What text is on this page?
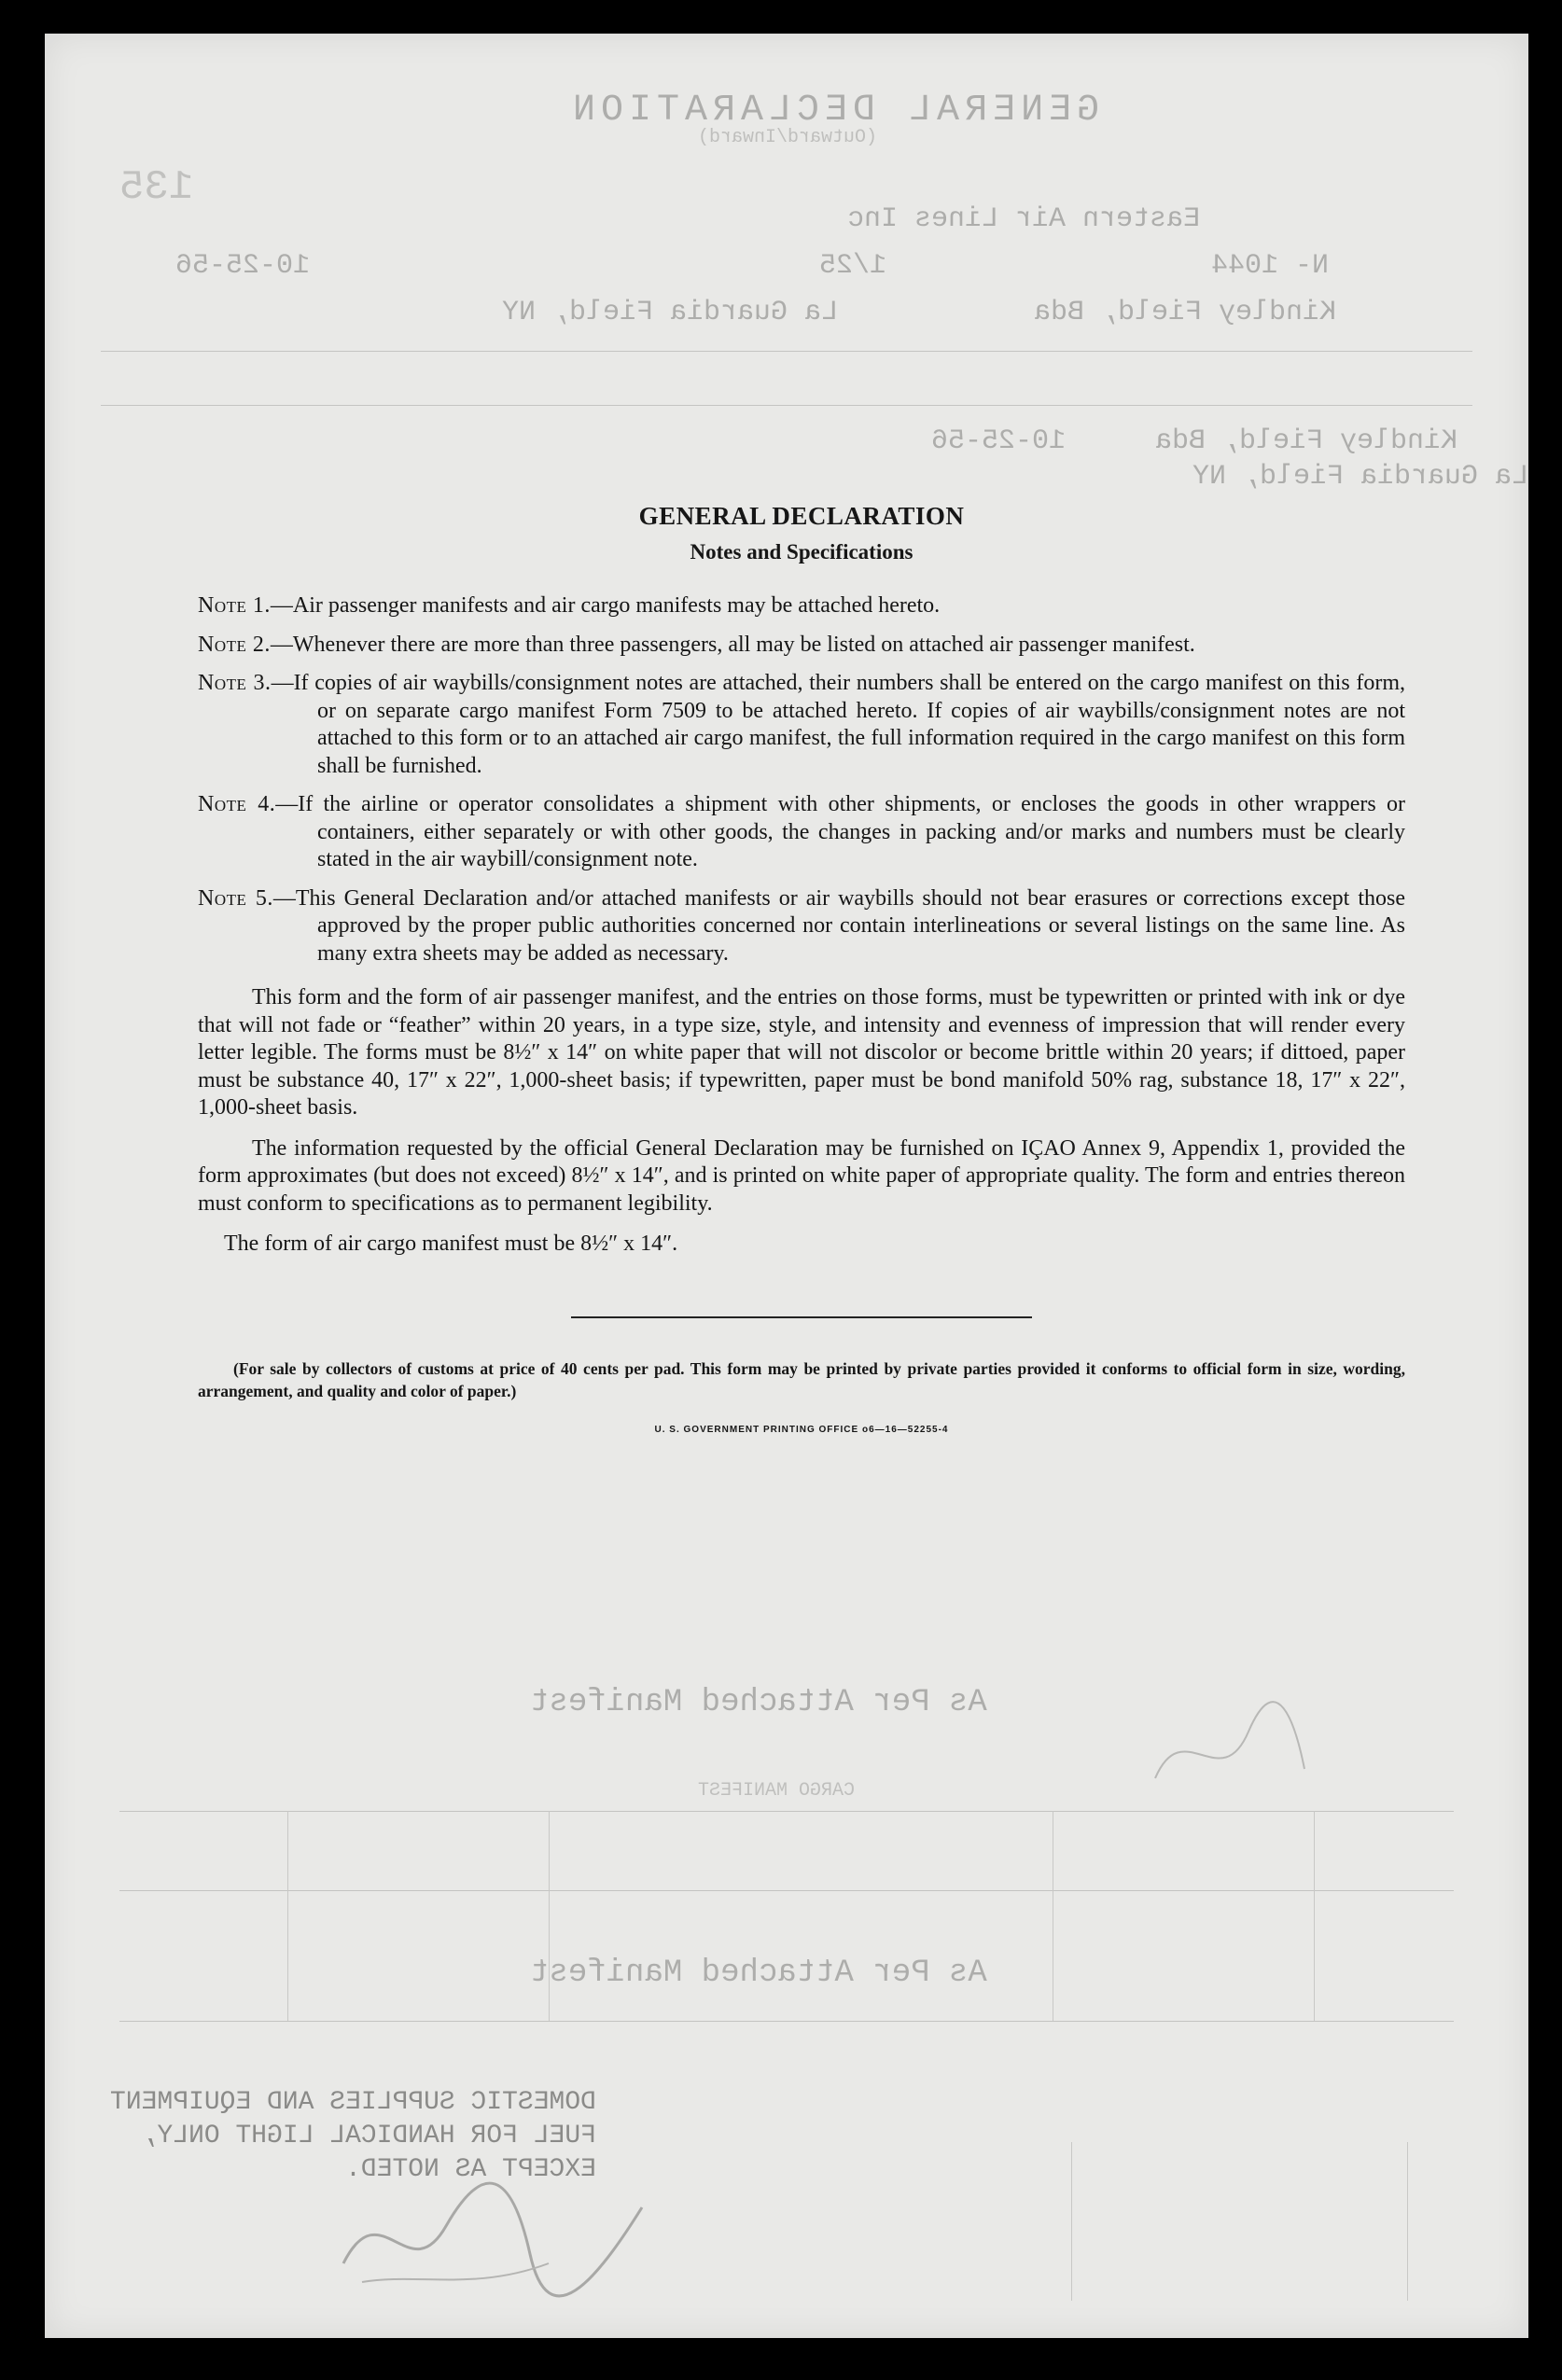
GENERAL DECLARATION
(Outward/Inward)
135
Eastern Air Lines Inc
N- 1044
1/25
10-25-56
Kindley Field, Bda
La Guardia Field, NY
Kindley Field, Bda
10-25-56
La Guardia Field, NY
As Per Attached Manifest
CARGO MANIFEST
As Per Attached Manifest
DOMESTIC SUPPLIES AND EQUIPMENT
FUEL FOR HANDICAL LIGHT ONLY,
EXCEPT AS NOTED.
GENERAL DECLARATION
Notes and Specifications

Note 1.—Air passenger manifests and air cargo manifests may be attached hereto.

Note 2.—Whenever there are more than three passengers, all may be listed on attached air passenger manifest.

Note 3.—If copies of air waybills/consignment notes are attached, their numbers shall be entered on the cargo manifest on this form, or on separate cargo manifest Form 7509 to be attached hereto. If copies of air waybills/consignment notes are not attached to this form or to an attached air cargo manifest, the full information required in the cargo manifest on this form shall be furnished.

Note 4.—If the airline or operator consolidates a shipment with other shipments, or encloses the goods in other wrappers or containers, either separately or with other goods, the changes in packing and/or marks and numbers must be clearly stated in the air waybill/consignment note.

Note 5.—This General Declaration and/or attached manifests or air waybills should not bear erasures or corrections except those approved by the proper public authorities concerned nor contain interlineations or several listings on the same line. As many extra sheets may be added as necessary.

This form and the form of air passenger manifest, and the entries on those forms, must be typewritten or printed with ink or dye that will not fade or “feather” within 20 years, in a type size, style, and intensity and evenness of impression that will render every letter legible. The forms must be 8½″ x 14″ on white paper that will not discolor or become brittle within 20 years; if dittoed, paper must be substance 40, 17″ x 22″, 1,000-sheet basis; if typewritten, paper must be bond manifold 50% rag, substance 18, 17″ x 22″, 1,000-sheet basis.

The information requested by the official General Declaration may be furnished on IÇAO Annex 9, Appendix 1, provided the form approximates (but does not exceed) 8½″ x 14″, and is printed on white paper of appropriate quality. The form and entries thereon must conform to specifications as to permanent legibility.

The form of air cargo manifest must be 8½″ x 14″.

(For sale by collectors of customs at price of 40 cents per pad. This form may be printed by private parties provided it conforms to official form in size, wording, arrangement, and quality and color of paper.)

U. S. GOVERNMENT PRINTING OFFICE o6—16—52255-4
